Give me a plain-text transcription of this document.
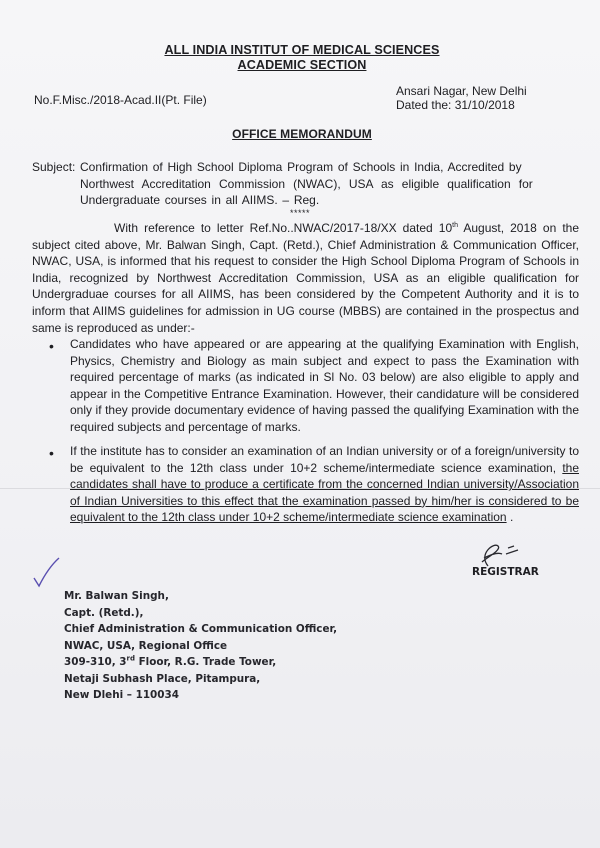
ALL INDIA INSTITUT OF MEDICAL SCIENCES
ACADEMIC SECTION
No.F.Misc./2018-Acad.II(Pt. File)
Ansari Nagar, New Delhi
Dated the: 31/10/2018
OFFICE MEMORANDUM
Subject: Confirmation of High School Diploma Program of Schools in India, Accredited by
Northwest Accreditation Commission (NWAC), USA as eligible qualification for
Undergraduate courses in all AIIMS. – Reg.
*****
With reference to letter Ref.No..NWAC/2017-18/XX dated 10th August, 2018 on the subject cited above, Mr. Balwan Singh, Capt. (Retd.), Chief Administration & Communication Officer, NWAC, USA, is informed that his request to consider the High School Diploma Program of Schools in India, recognized by Northwest Accreditation Commission, USA as an eligible qualification for Undergraduae courses for all AIIMS, has been considered by the Competent Authority and it is to inform that AIIMS guidelines for admission in UG course (MBBS) are contained in the prospectus and same is reproduced as under:-
• Candidates who have appeared or are appearing at the qualifying Examination with English, Physics, Chemistry and Biology as main subject and expect to pass the Examination with required percentage of marks (as indicated in Sl No. 03 below) are also eligible to apply and appear in the Competitive Entrance Examination. However, their candidature will be considered only if they provide documentary evidence of having passed the qualifying Examination with the required subjects and percentage of marks.
• If the institute has to consider an examination of an Indian university or of a foreign/university to be equivalent to the 12th class under 10+2 scheme/intermediate science examination, the candidates shall have to produce a certificate from the concerned Indian university/Association of Indian Universities to this effect that the examination passed by him/her is considered to be equivalent to the 12th class under 10+2 scheme/intermediate science examination .
REGISTRAR
Mr. Balwan Singh,
Capt. (Retd.),
Chief Administration & Communication Officer,
NWAC, USA, Regional Office
309-310, 3rd Floor, R.G. Trade Tower,
Netaji Subhash Place, Pitampura,
New Dlehi – 110034
